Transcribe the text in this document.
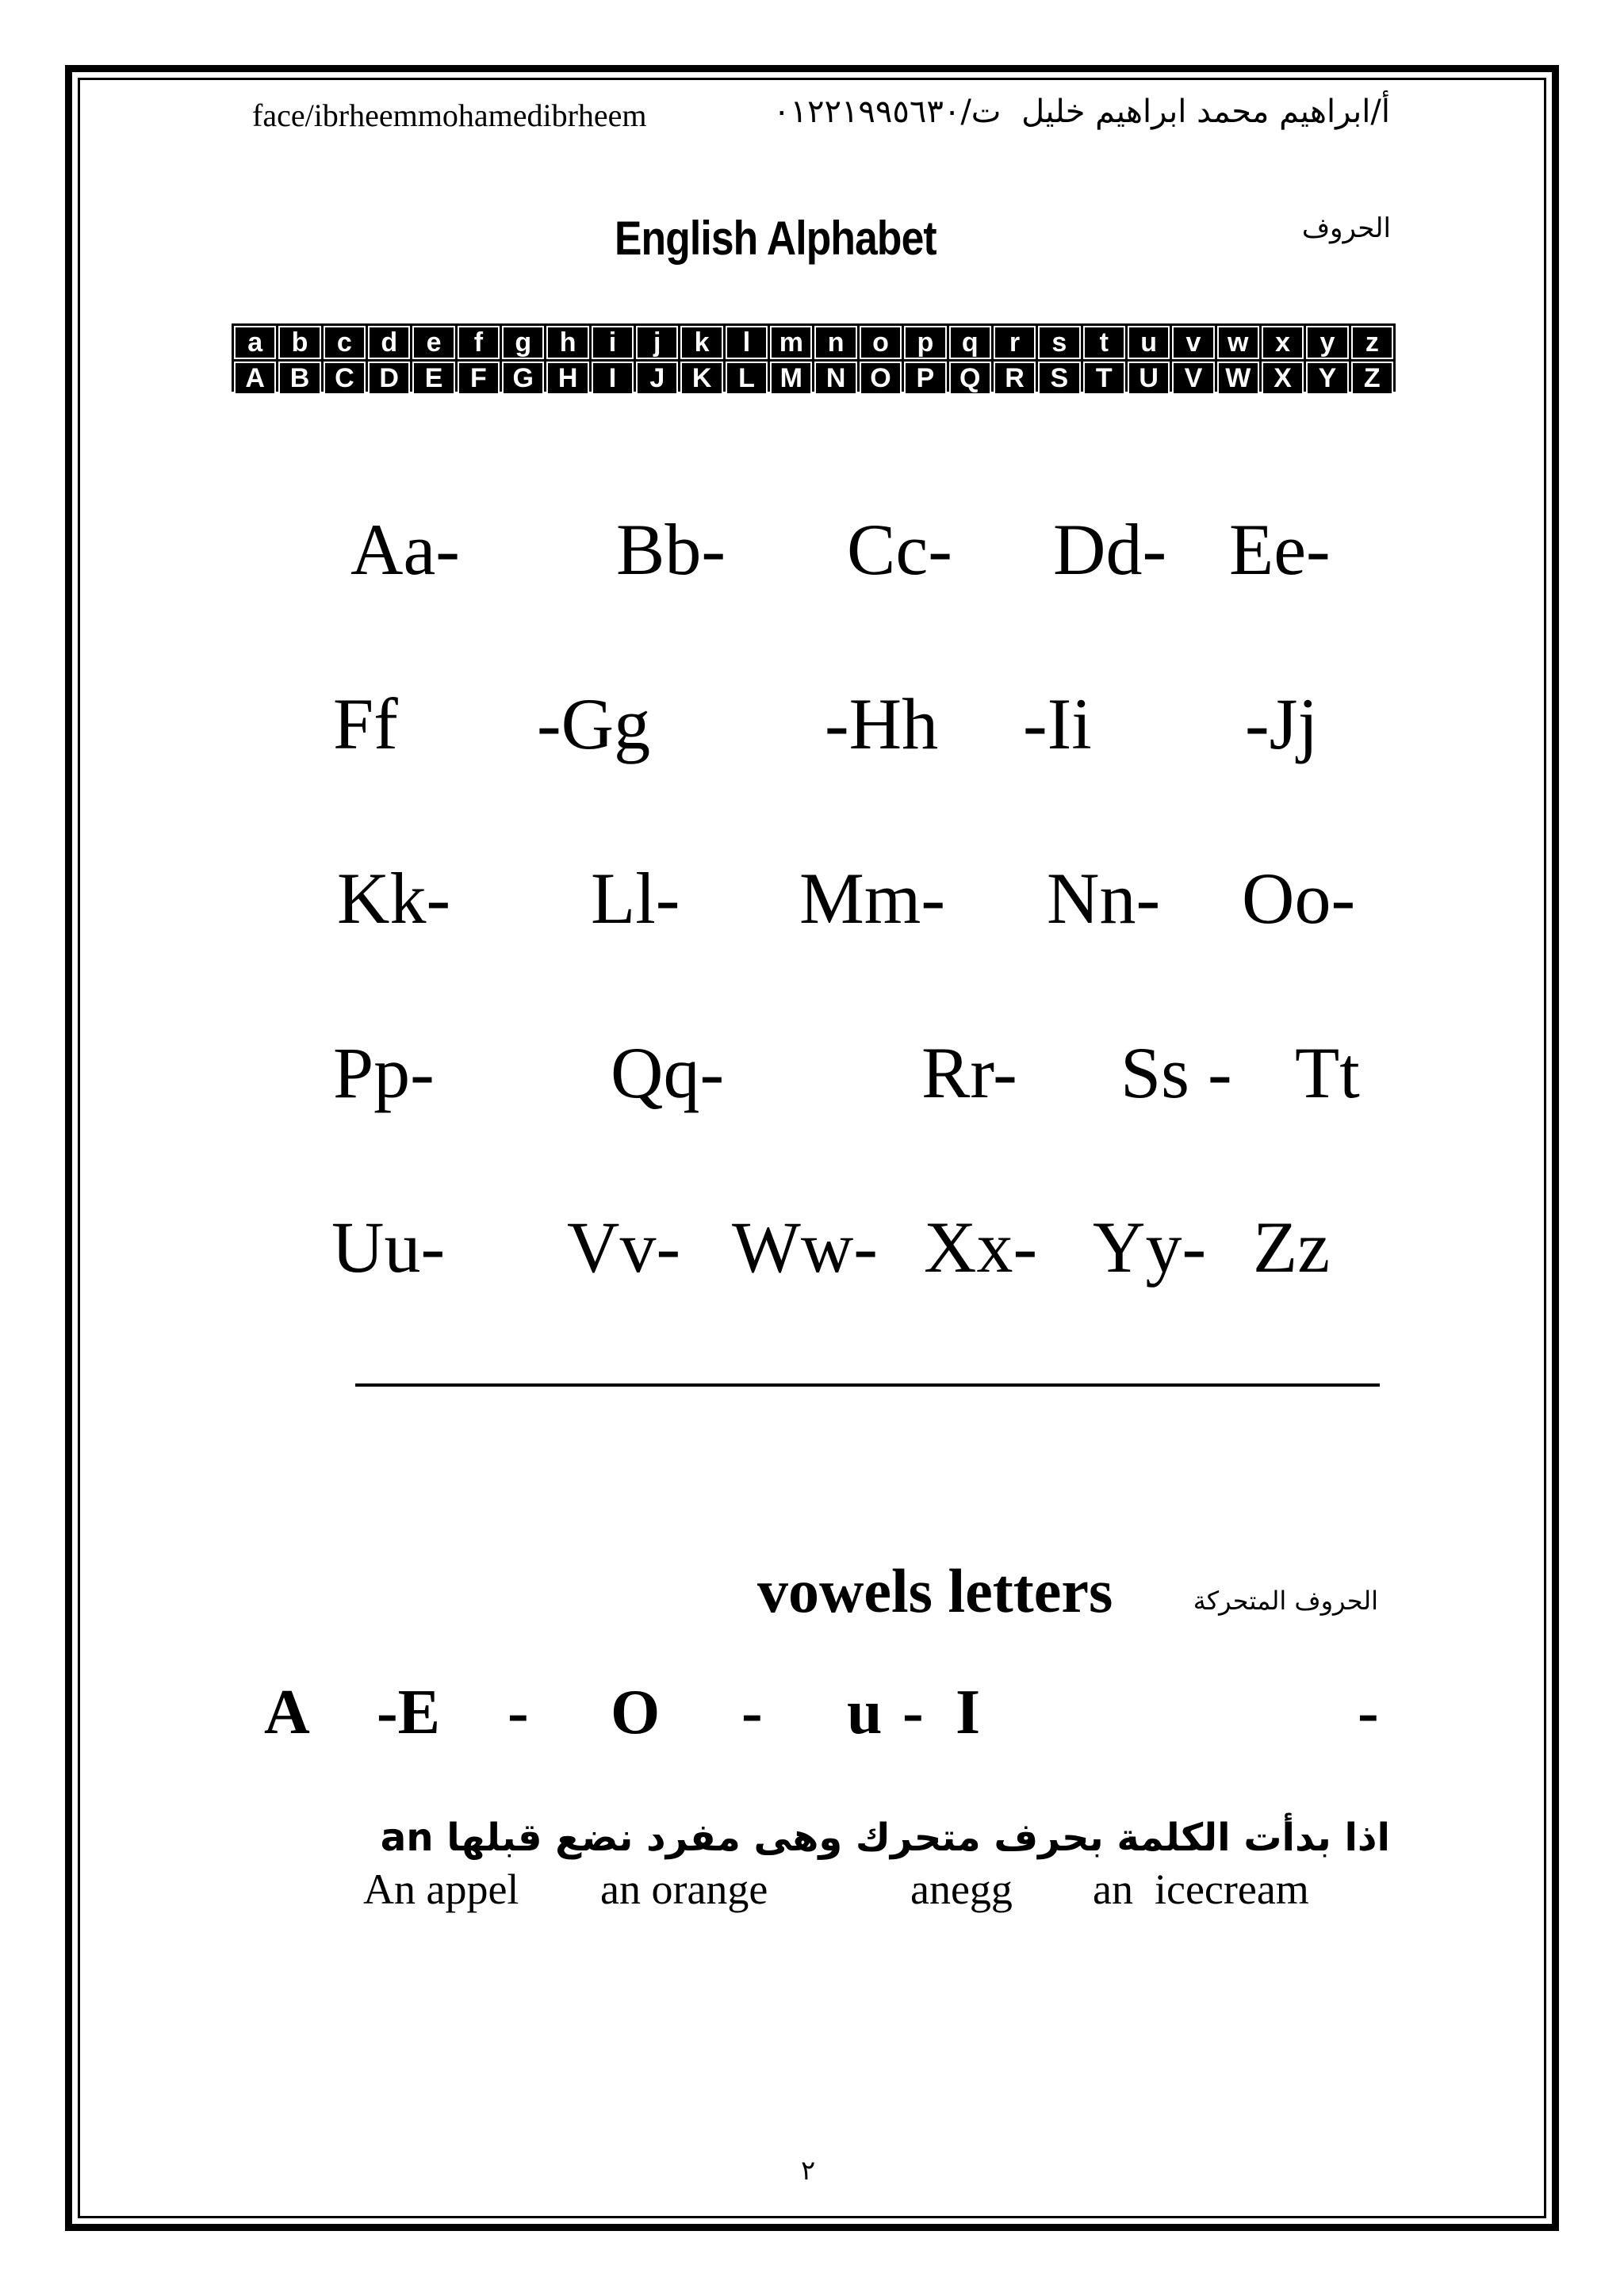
face/ibrheemmohamedibrheem	ت/٠١٢٢١٩٩٥٦٣٠ أ/ابراهيم محمد ابراهيم خليل
English Alphabet	الحروف
a	b	c	d	e	f	g	h	i	j	k	l	m n	o	p	q	r	s	t	u	v w x	y	z
A B C D E	F G H	I	J	K L M N O P Q R S	T U V W X Y	Z
Aa- Bb- Cc- Dd- Ee-
Ff -Gg -Hh -Ii -Jj
Kk- Ll- Mm- Nn- Oo-
Pp- Qq-	Rr- Ss - Tt
Uu- Vv- Ww- Xx- Yy- Zz
vowels letters	الحروف المتحركة
A -E - O - u - I	-
اذا بدأت الكلمة بحرف متحرك وهى مفرد نضع قبلها an
An appel an orange	anegg an  icecream
٢
